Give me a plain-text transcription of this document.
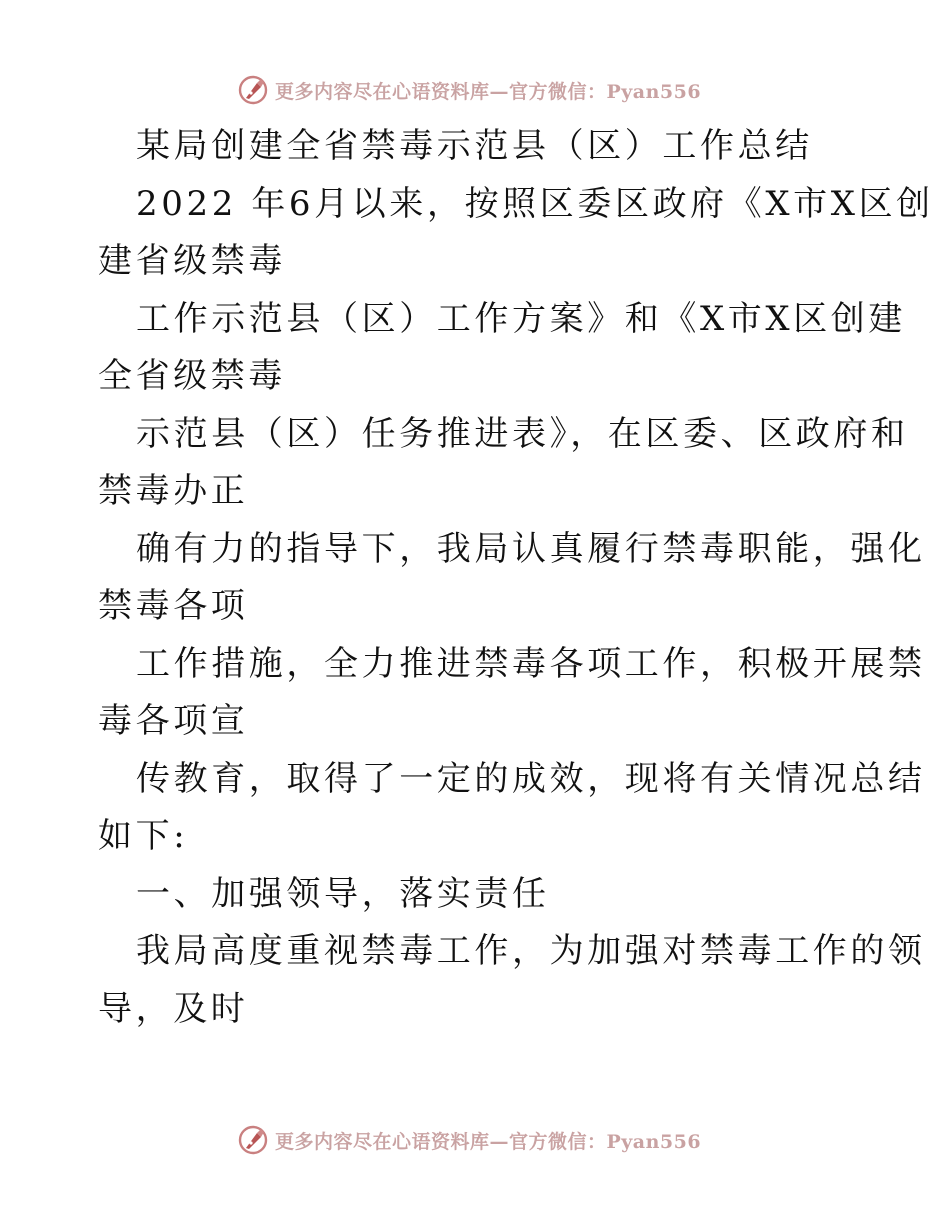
更多内容尽在心语资料库—官方微信：Pyan556
某局创建全省禁毒示范县（区）工作总结
2022 年6月以来，按照区委区政府《X市X区创
建省级禁毒
工作示范县（区）工作方案》和《X市X区创建
全省级禁毒
示范县（区）任务推进表》，在区委、区政府和
禁毒办正
确有力的指导下，我局认真履行禁毒职能，强化
禁毒各项
工作措施，全力推进禁毒各项工作，积极开展禁
毒各项宣
传教育，取得了一定的成效，现将有关情况总结
如下:
一、加强领导，落实责任
我局高度重视禁毒工作，为加强对禁毒工作的领
导，及时
更多内容尽在心语资料库—官方微信：Pyan556
